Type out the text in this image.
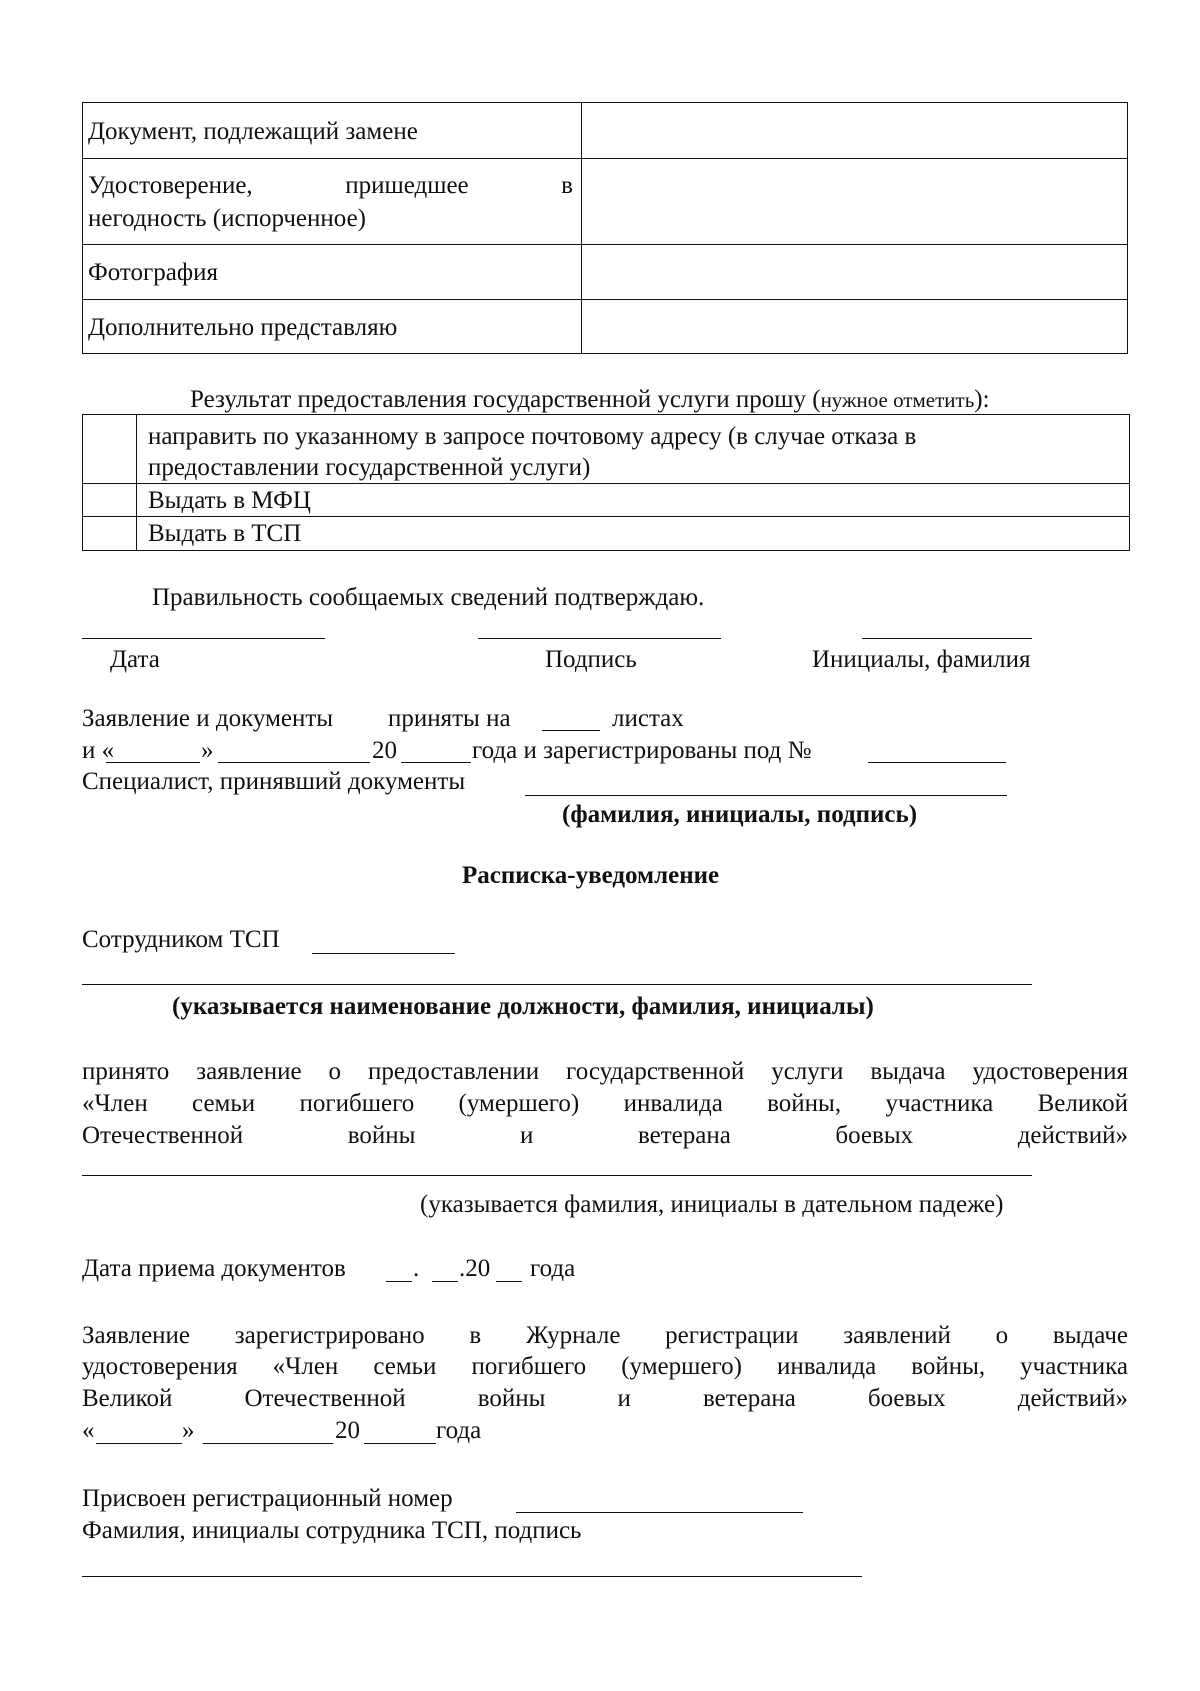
Документ, подлежащий замене
Удостоверение, пришедшее в
негодность (испорченное)
Фотография
Дополнительно представляю
Результат предоставления государственной услуги прошу (нужное отметить):
направить по указанному в запросе почтовому адресу (в случае отказа в
предоставлении государственной услуги)
Выдать в МФЦ
Выдать в ТСП
Правильность сообщаемых сведений подтверждаю.
Дата	Подпись	Инициалы, фамилия
Заявление и документы приняты на	листах
и «	»	20	года и зарегистрированы под №
Специалист, принявший документы
(фамилия, инициалы, подпись)
Расписка-уведомление
Сотрудником ТСП
(указывается наименование должности, фамилия, инициалы)
принято заявление о предоставлении государственной услуги выдача удостоверения
«Член семьи погибшего (умершего) инвалида войны, участника Великой
Отечественной войны и ветерана боевых действий»
(указывается фамилия, инициалы в дательном падеже)
Дата приема документов	. .20 года
Заявление зарегистрировано в Журнале регистрации заявлений о выдаче
удостоверения «Член семьи погибшего (умершего) инвалида войны, участника
Великой Отечественной войны и ветерана боевых действий»
«	»	20	года
Присвоен регистрационный номер
Фамилия, инициалы сотрудника ТСП, подпись
